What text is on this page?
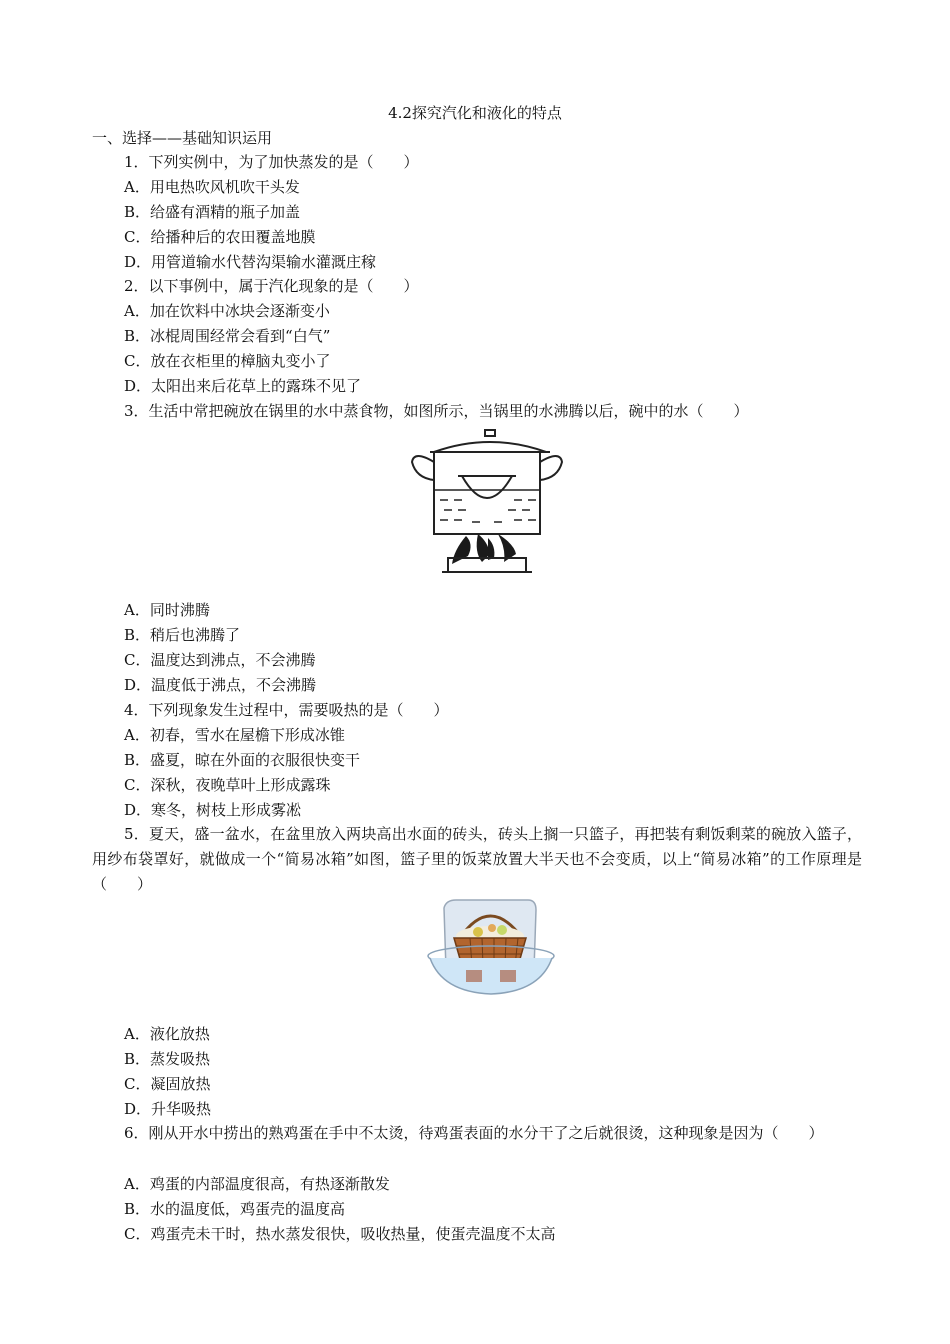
4.2探究汽化和液化的特点
一、选择——基础知识运用
1．下列实例中，为了加快蒸发的是（　　）
A．用电热吹风机吹干头发
B．给盛有酒精的瓶子加盖
C．给播种后的农田覆盖地膜
D．用管道输水代替沟渠输水灌溉庄稼
2．以下事例中，属于汽化现象的是（　　）
A．加在饮料中冰块会逐渐变小
B．冰棍周围经常会看到“白气”
C．放在衣柜里的樟脑丸变小了
D．太阳出来后花草上的露珠不见了
3．生活中常把碗放在锅里的水中蒸食物，如图所示，当锅里的水沸腾以后，碗中的水（　　）
A．同时沸腾
B．稍后也沸腾了
C．温度达到沸点，不会沸腾
D．温度低于沸点，不会沸腾
4．下列现象发生过程中，需要吸热的是（　　）
A．初春，雪水在屋檐下形成冰锥
B．盛夏，晾在外面的衣服很快变干
C．深秋，夜晚草叶上形成露珠
D．寒冬，树枝上形成雾凇
5．夏天，盛一盆水，在盆里放入两块高出水面的砖头，砖头上搁一只篮子，再把装有剩饭剩菜的碗放入篮子，用纱布袋罩好，就做成一个“简易冰箱”如图，篮子里的饭菜放置大半天也不会变质，以上“简易冰箱”的工作原理是（　　）
A．液化放热
B．蒸发吸热
C．凝固放热
D．升华吸热
6．刚从开水中捞出的熟鸡蛋在手中不太烫，待鸡蛋表面的水分干了之后就很烫，这种现象是因为（　　）
A．鸡蛋的内部温度很高，有热逐渐散发
B．水的温度低，鸡蛋壳的温度高
C．鸡蛋壳未干时，热水蒸发很快，吸收热量，使蛋壳温度不太高
